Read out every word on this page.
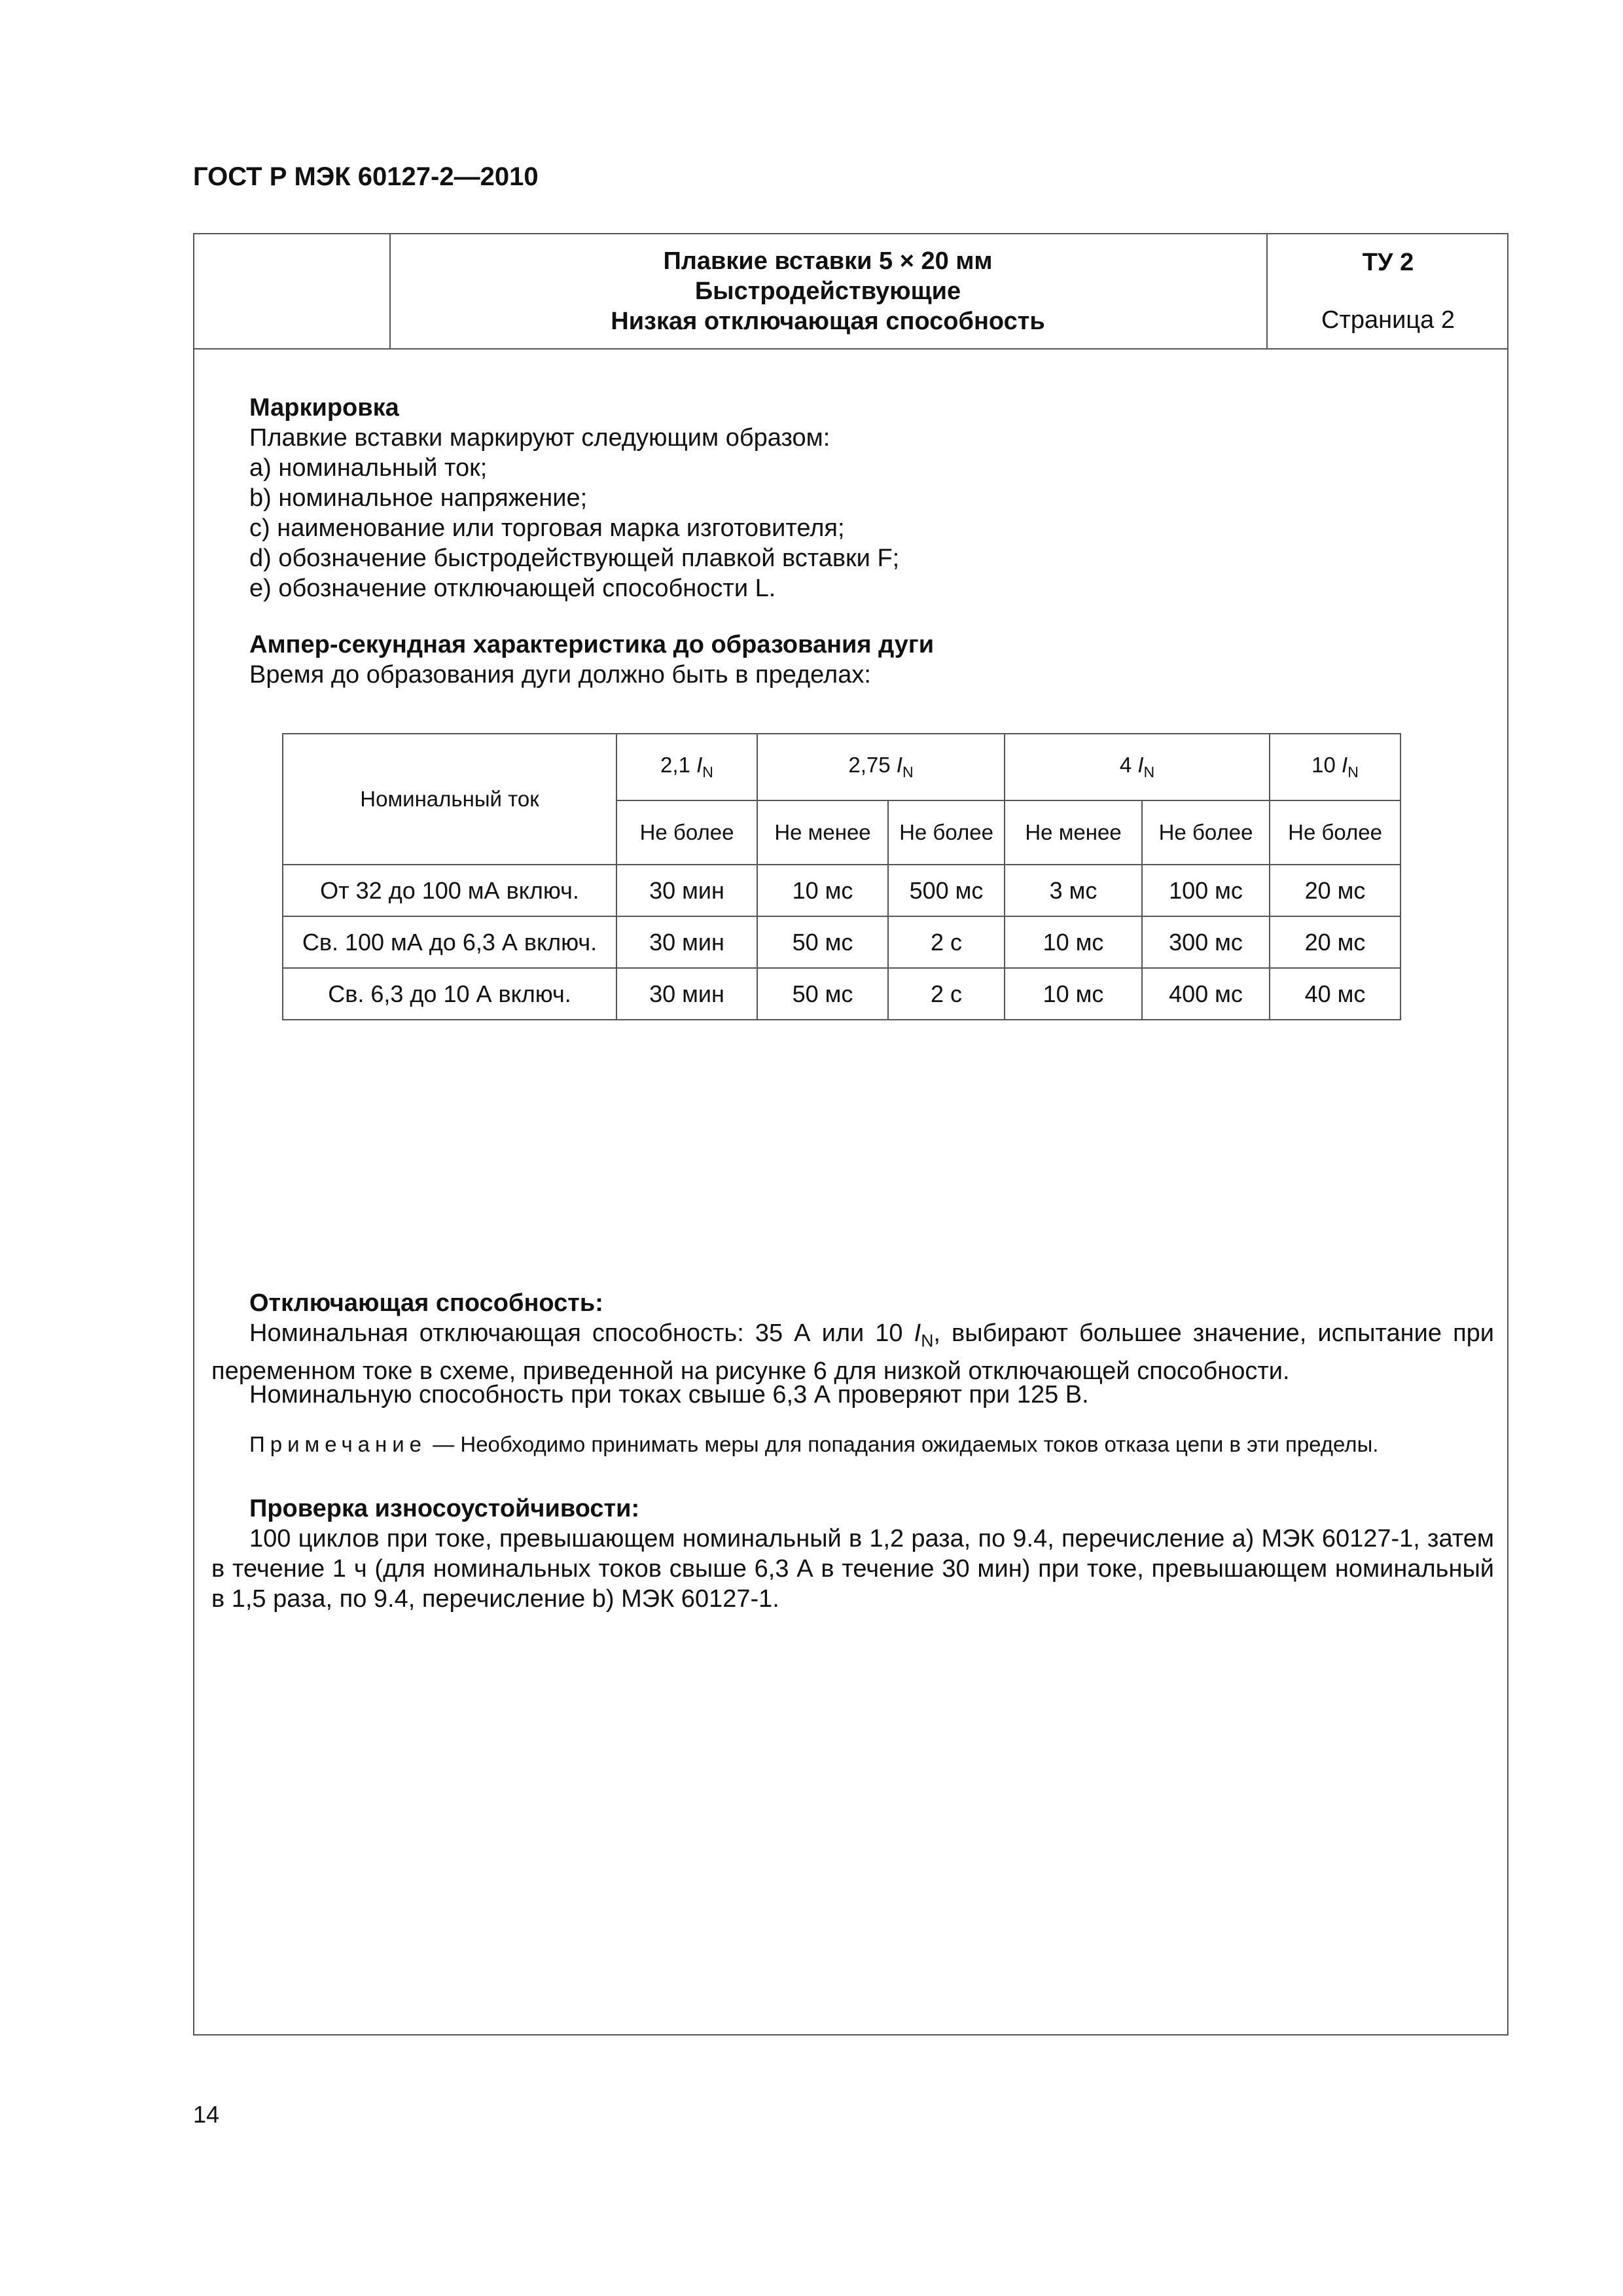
ГОСТ Р МЭК 60127-2—2010
Плавкие вставки 5 × 20 мм
Быстродействующие
Низкая отключающая способность
ТУ 2
Страница 2
Маркировка
Плавкие вставки маркируют следующим образом:
a) номинальный ток;
b) номинальное напряжение;
c) наименование или торговая марка изготовителя;
d) обозначение быстродействующей плавкой вставки F;
e) обозначение отключающей способности L.
Ампер-секундная характеристика до образования дуги
Время до образования дуги должно быть в пределах:
Номинальный ток	2,1 $I_N$	2,75 $I_N$		4 $I_N$		10 $I_N$
	Не более	Не менее	Не более	Не менее	Не более	Не более
От 32 до 100 мА включ.	30 мин	10 мс	500 мс	3 мс	100 мс	20 мс
Св. 100 мА до 6,3 А включ.	30 мин	50 мс	2 с	10 мс	300 мс	20 мс
Св. 6,3 до 10 А включ.	30 мин	50 мс	2 с	10 мс	400 мс	40 мс
Отключающая способность:
Номинальная отключающая способность: 35 А или 10 $I_N$, выбирают большее значение, испытание при переменном токе в схеме, приведенной на рисунке 6 для низкой отключающей способности.
Номинальную способность при токах свыше 6,3 А проверяют при 125 В.
Примечание — Необходимо принимать меры для попадания ожидаемых токов отказа цепи в эти пределы.
Проверка износоустойчивости:
100 циклов при токе, превышающем номинальный в 1,2 раза, по 9.4, перечисление а) МЭК 60127-1, затем в течение 1 ч (для номинальных токов свыше 6,3 А в течение 30 мин) при токе, превышающем номинальный в 1,5 раза, по 9.4, перечисление b) МЭК 60127-1.
14
